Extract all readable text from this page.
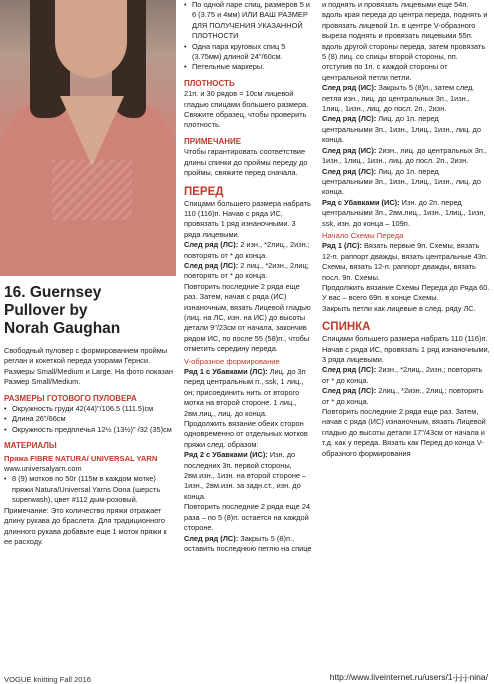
16. Guernsey
Pullover by
Norah Gaughan

Свободный пуловер с формированием проймы реглан и кокеткой переда узорами Гернси. Размеры Small/Medium и Large. На фото показан Размер Small/Medium.

РАЗМЕРЫ ГОТОВОГО ПУЛОВЕРА

• Окружность груди 42(44)"/106.5 (111.5)см

• Длина 26"/66см

• Окружность предплечья 12½ (13½)" /32 (35)см

МАТЕРИАЛЫ
Пряжа FIBRE NATURA/ UNIVERSAL YARN

www.universalyarn.com

• 8 (9) мотков по 50г (115м в каждом мотке) пряжи Natura/Universal Yarns Dona (шерсть superwash), цвет #112 дым-розовый.

Примечание: Это количество пряжи отражает длину рукава до браслета. Для традиционного длинного рукава добавьте еще 1 моток пряжи к ее расходу.

• По одной паре спиц, размеров 5 и 6 (3.75 и 4мм) ИЛИ ВАШ РАЗМЕР ДЛЯ ПОЛУЧЕНИЯ УКАЗАННОЙ ПЛОТНОСТИ

• Одна пара круговых спиц 5 (3.75мм) длиной 24"/60см.

• Петельные маркеры.

ПЛОТНОСТЬ

21п. и 30 рядов = 10см лицевой гладью спицами большего размера. Свяжите образец, чтобы проверить плотность.

ПРИМЕЧАНИЕ

Чтобы гарантировать соответствие длины спинки до проймы переду до проймы, свяжите перед сначала.

ПЕРЕД

Спицами большего размера набрать 110 (116)п. Начав с ряда ИС, провязать 1 ряд изнаночными. 3 ряда лицевыми.

След ряд (ЛС): 2 изн., *2лиц., 2изн.; повторять от * до конца.

След ряд (ЛС): 2 лиц., *2изн., 2лиц; повторять от * до конца.

Повторить последние 2 ряда еще раз. Затем, начав с ряда (ИС) изнаночным, вязать Лицевой гладью (лиц. на ЛС, изн. на ИС) до высоты детали 9"/23см от начала, закончив рядом ИС, по после 55 (58)п., чтобы отметить середину переда.

V-образное формирование

Ряд 1 с Убавками (ЛС): Лиц. до 3п перед центральным п., ssk, 1 лиц., он; присоединить нить от второго мотка на второй стороне. 1 лиц., 2вм.лиц., лиц. до конца.

Продолжить вязание обеих сторон одновременно от отдельных мотков пряжи след. образом:

Ряд 2 с Убавками (ИС): Изн. до последних 3п. первой стороны, 2вм.изн., 1изн. на второй стороне – 1изн., 2вм.изн. за задн.ст., изн. до конца.

Повторить последние 2 ряда еще 24 раза – по 5 (8)п. остается на каждой стороне.

След ряд (ЛС): Закрыть 5 (8)п., оставить последнюю петлю на спице

и поднять и провязать лицевыми еще 54п. вдоль края переда до центра переда, поднять и провязать лицевой 1п. в центре V-образного выреза поднять и провязать лицевыми 55п. вдоль другой стороны переда, затем провязать 5 (8) лиц. со спицы второй стороны, пп. отступив по 1п. с каждой стороны от центральной петли петли.

След ряд (ИС): Закрыть 5 (8)п., затем след. петля изн., лиц. до центральных 3п., 1изн., 1лиц., 1изн., лиц. до посл. 2п., 2изн.

След ряд (ЛС): Лиц. до 1п. перед центральными 3п., 1изн., 1лиц., 1изн., лиц. до конца.

След ряд (ИС): 2изн., лиц. до центральных 3п., 1изн., 1лиц., 1изн., лиц. до посл. 2п., 2изн.

След ряд (ЛС): Лиц. до 1п. перед центральными 3п., 1изн., 1лиц., 1изн., лиц. до конца.

Ряд с Убавками (ИС): Изн. до 2п. перед центральными 3п., 2вм.лиц., 1изн., 1лиц., 1изн, ssk, изн. до конца – 109п.

Начало Схемы Переда

Ряд 1 (ЛС): Вязать первые 9п. Схемы, вязать 12-п. раппорт дважды, вязать центральные 43п. Схемы, вязать 12-п. раппорт дважды, вязать посл. 9п. Схемы.

Продолжить вязание Схемы Переда до Ряда 60. У вас – всего 69п. в конце Схемы.

Закрыть петли как лицевые в след. ряду ЛС.

СПИНКА

Спицами большего размера набрать 110 (116)п. Начав с ряда ИС, провязать 1 ряд изнаночными, 3 ряда лицевыми.

След ряд (ЛС): 2изн., *2лиц., 2изн.; повторять от * до конца.

След ряд (ЛС): 2лиц., *2изн., 2лиц.; повторять от * до конца.

Повторить последние 2 ряда еще раз. Затем, начав с ряда (ИС) изнаночным, вязать Лицевой гладью до высоты детали 17"/43см от начала и т.д. как у переда. Вязать как Перед до конца V-образного формирования

VOGUE knitting Fall 2016	http://www.liveinternet.ru/users/1-j-j-j-nina/
